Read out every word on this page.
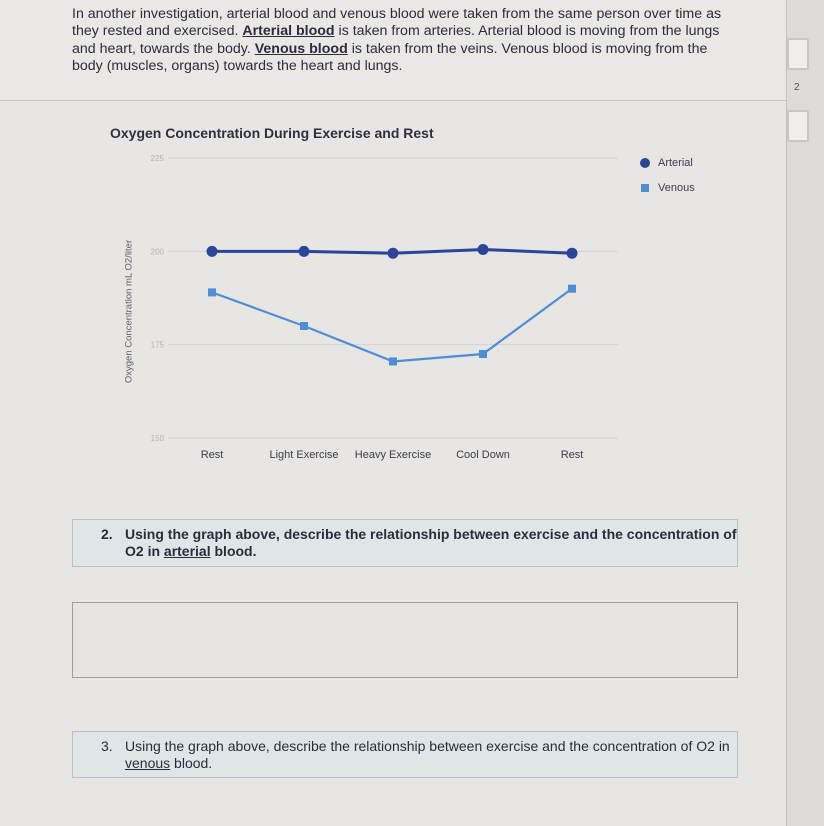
In another investigation, arterial blood and venous blood were taken from the same person over time as they rested and exercised. Arterial blood is taken from arteries. Arterial blood is moving from the lungs and heart, towards the body. Venous blood is taken from the veins. Venous blood is moving from the body (muscles, organs) towards the heart and lungs.

Oxygen Concentration During Exercise and Rest
Oxygen Concentration mL O2/liter
225
200
175
150
Rest	Light Exercise Heavy Exercise Cool Down	Rest
Arterial
Venous

2. Using the graph above, describe the relationship between exercise and the concentration of O2 in arterial blood.

3. Using the graph above, describe the relationship between exercise and the concentration of O2 in venous blood.

2
